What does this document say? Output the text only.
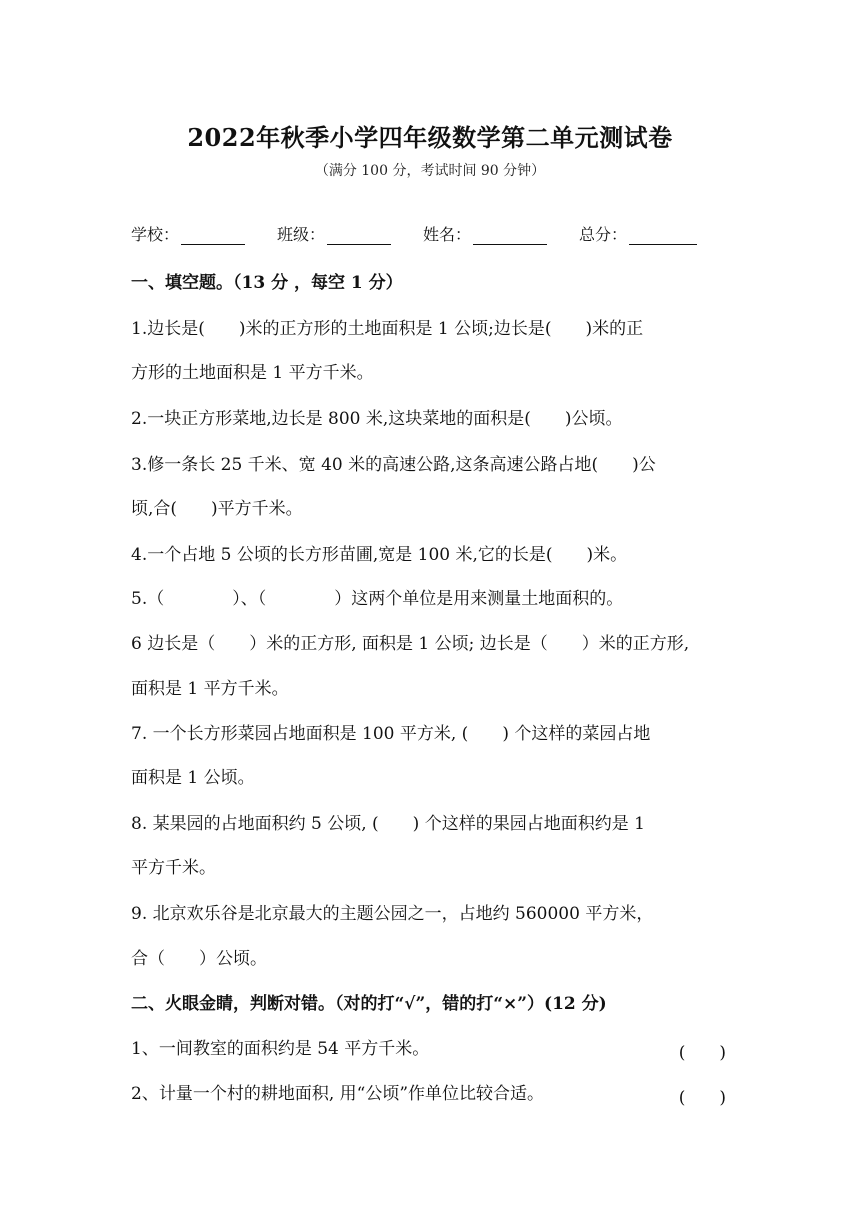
2022年秋季小学四年级数学第二单元测试卷
（满分 100 分，考试时间 90 分钟）
学校：	班级：	姓名：	总分：
一、填空题。（13 分 ，每空 1 分）
1.边长是(　　)米的正方形的土地面积是 1 公顷;边长是(　　)米的正
方形的土地面积是 1 平方千米。
2.一块正方形菜地,边长是 800 米,这块菜地的面积是(　　)公顷。
3.修一条长 25 千米、宽 40 米的高速公路,这条高速公路占地(　　)公
顷,合(　　)平方千米。
4.一个占地 5 公顷的长方形苗圃,宽是 100 米,它的长是(　　)米。
5.（　　　　）、（　　　　）这两个单位是用来测量土地面积的。
6 边长是（　　）米的正方形, 面积是 1 公顷; 边长是（　　）米的正方形,
面积是 1 平方千米。
7. 一个长方形菜园占地面积是 100 平方米, (　　) 个这样的菜园占地
面积是 1 公顷。
8. 某果园的占地面积约 5 公顷, (　　) 个这样的果园占地面积约是 1
平方千米。
9. 北京欢乐谷是北京最大的主题公园之一，占地约 560000 平方米，
合（　　）公顷。
二、火眼金睛，判断对错。（对的打“√”，错的打“×”）(12 分)
1、一间教室的面积约是 54 平方千米。	(　　)
2、计量一个村的耕地面积, 用“公顷”作单位比较合适。	(　　)
